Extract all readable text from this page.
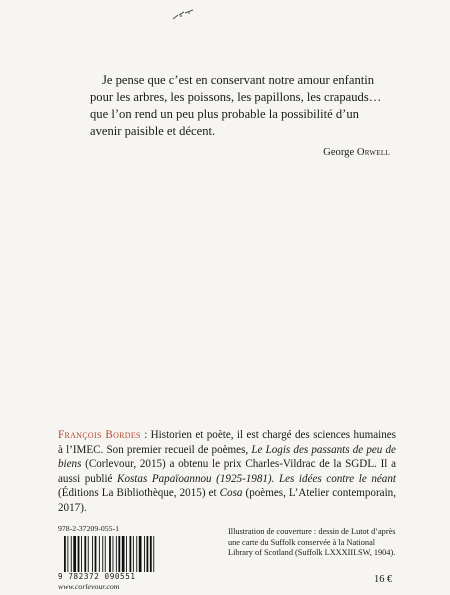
Je pense que c’est en conservant notre amour enfantin pour les arbres, les poissons, les papillons, les crapauds… que l’on rend un peu plus probable la possibilité d’un avenir paisible et décent.

George Orwell
François Bordes : Historien et poète, il est chargé des sciences humaines à l’IMEC. Son premier recueil de poèmes, Le Logis des passants de peu de biens (Corlevour, 2015) a obtenu le prix Charles-Vildrac de la SGDL. Il a aussi publié Kostas Papaïoannou (1925-1981). Les idées contre le néant (Éditions La Bibliothèque, 2015) et Cosa (poèmes, L’Atelier contemporain, 2017).
978-2-37209-055-1
9 782372 090551
www.corlevour.com
Illustration de couverture : dessin de Lutot d’après une carte du Suffolk conservée à la National Library of Scotland (Suffolk LXXXIII.SW, 1904).
16 €
